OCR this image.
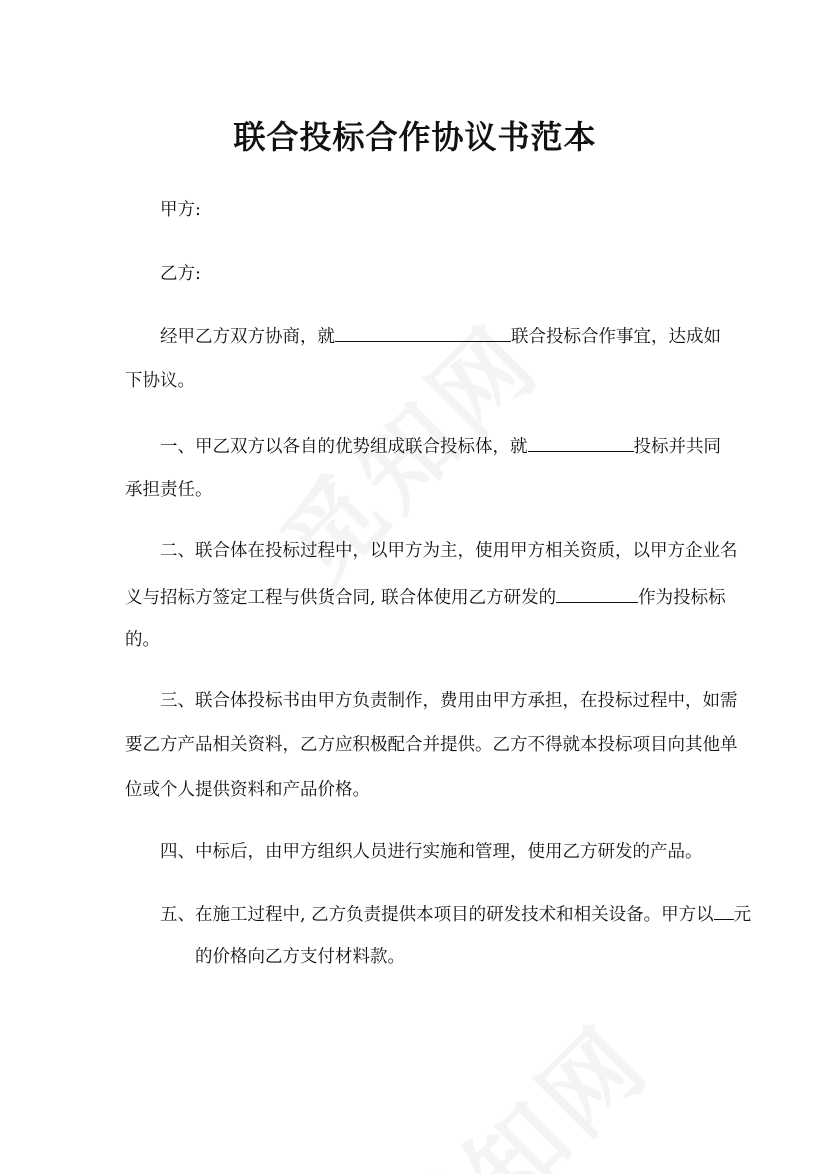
联合投标合作协议书范本
甲方:
乙方:
经甲乙方双方协商，就	联合投标合作事宜，达成如
下协议。
一、甲乙双方以各自的优势组成联合投标体，就	投标并共同
承担责任。
二、联合体在投标过程中，以甲方为主，使用甲方相关资质，以甲方企业名
义与招标方签定工程与供货合同, 联合体使用乙方研发的	作为投标标
的。
三、联合体投标书由甲方负责制作，费用由甲方承担，在投标过程中，如需
要乙方产品相关资料，乙方应积极配合并提供。乙方不得就本投标项目向其他单
位或个人提供资料和产品价格。
四、中标后，由甲方组织人员进行实施和管理，使用乙方研发的产品。
五、在施工过程中, 乙方负责提供本项目的研发技术和相关设备。甲方以 元
的价格向乙方支付材料款。
